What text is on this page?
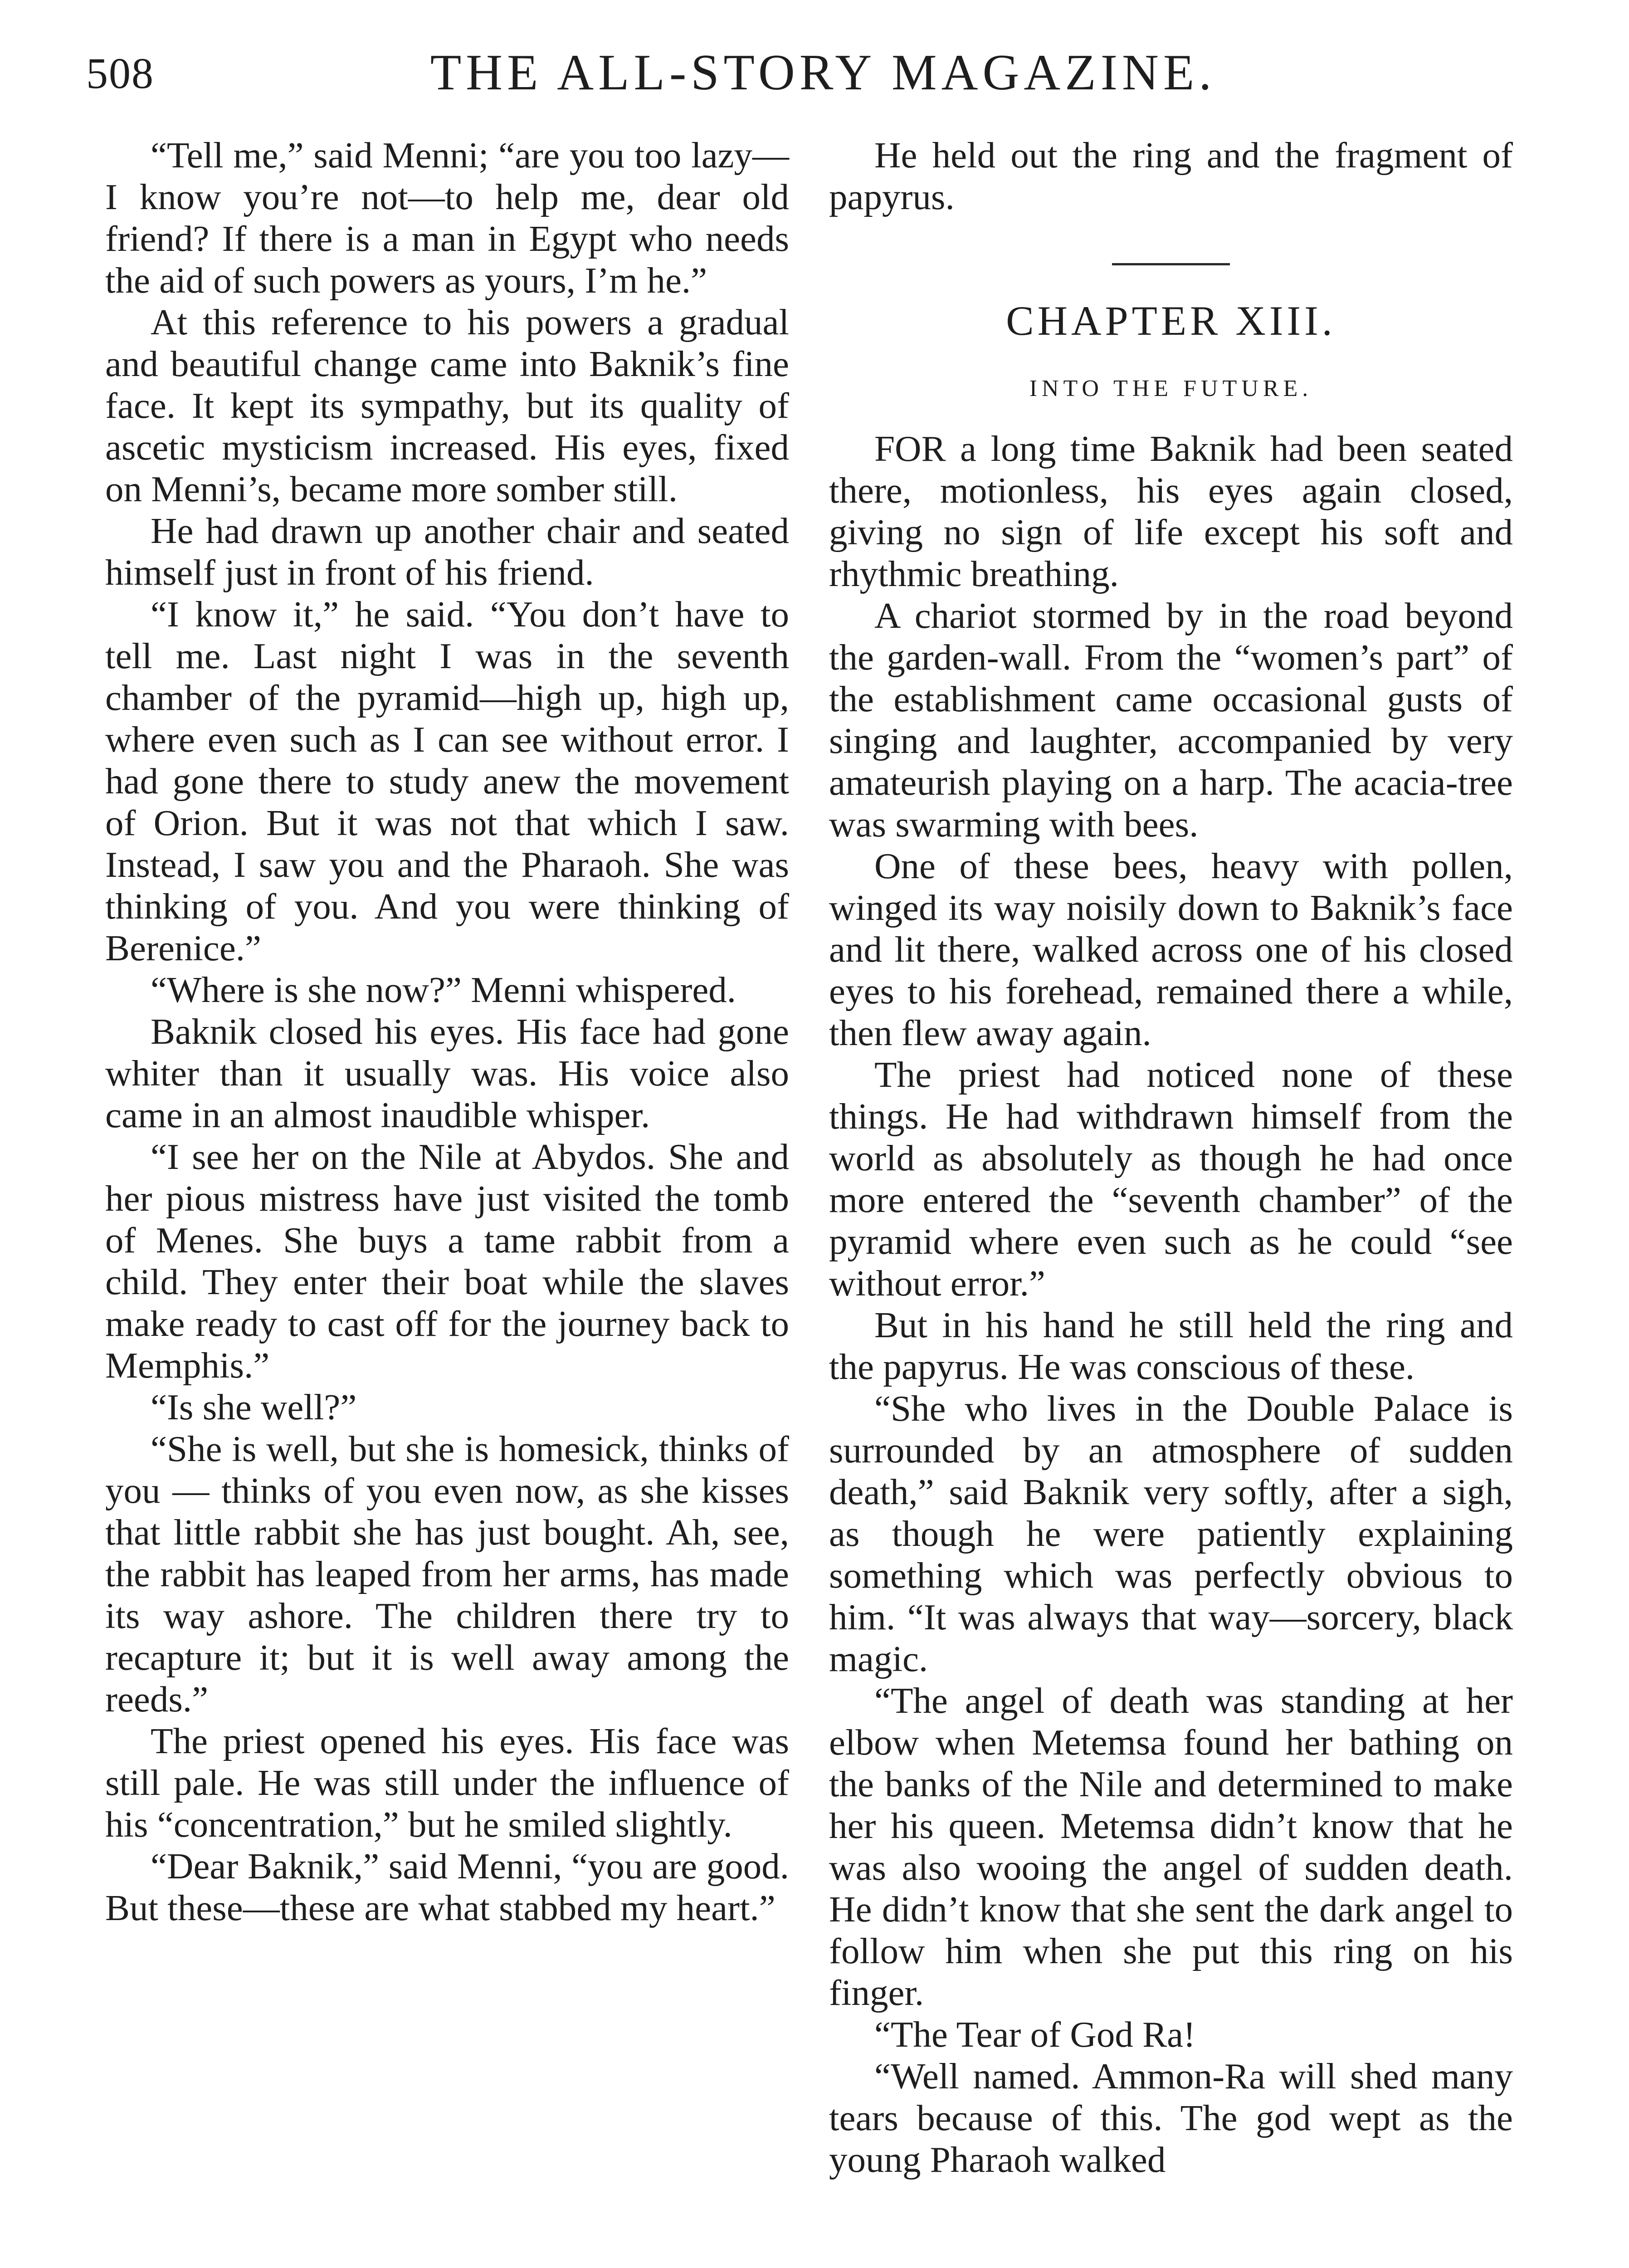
508	THE ALL-STORY MAGAZINE.

“Tell me,” said Menni; “are you too lazy—I know you’re not—to help me, dear old friend? If there is a man in Egypt who needs the aid of such powers as yours, I’m he.”

At this reference to his powers a gradual and beautiful change came into Baknik’s fine face. It kept its sympathy, but its quality of ascetic mysticism increased. His eyes, fixed on Menni’s, became more somber still.

He had drawn up another chair and seated himself just in front of his friend.

“I know it,” he said. “You don’t have to tell me. Last night I was in the seventh chamber of the pyramid—high up, high up, where even such as I can see without error. I had gone there to study anew the movement of Orion. But it was not that which I saw. Instead, I saw you and the Pharaoh. She was thinking of you. And you were thinking of Berenice.”

“Where is she now?” Menni whispered.

Baknik closed his eyes. His face had gone whiter than it usually was. His voice also came in an almost inaudible whisper.

“I see her on the Nile at Abydos. She and her pious mistress have just visited the tomb of Menes. She buys a tame rabbit from a child. They enter their boat while the slaves make ready to cast off for the journey back to Memphis.”

“Is she well?”

“She is well, but she is homesick, thinks of you — thinks of you even now, as she kisses that little rabbit she has just bought. Ah, see, the rabbit has leaped from her arms, has made its way ashore. The children there try to recapture it; but it is well away among the reeds.”

The priest opened his eyes. His face was still pale. He was still under the influence of his “concentration,” but he smiled slightly.

“Dear Baknik,” said Menni, “you are good. But these—these are what stabbed my heart.”

He held out the ring and the fragment of papyrus.

CHAPTER XIII.
INTO THE FUTURE.

FOR a long time Baknik had been seated there, motionless, his eyes again closed, giving no sign of life except his soft and rhythmic breathing.

A chariot stormed by in the road beyond the garden-wall. From the “women’s part” of the establishment came occasional gusts of singing and laughter, accompanied by very amateurish playing on a harp. The acacia-tree was swarming with bees.

One of these bees, heavy with pollen, winged its way noisily down to Baknik’s face and lit there, walked across one of his closed eyes to his forehead, remained there a while, then flew away again.

The priest had noticed none of these things. He had withdrawn himself from the world as absolutely as though he had once more entered the “seventh chamber” of the pyramid where even such as he could “see without error.”

But in his hand he still held the ring and the papyrus. He was conscious of these.

“She who lives in the Double Palace is surrounded by an atmosphere of sudden death,” said Baknik very softly, after a sigh, as though he were patiently explaining something which was perfectly obvious to him. “It was always that way—sorcery, black magic.

“The angel of death was standing at her elbow when Metemsa found her bathing on the banks of the Nile and determined to make her his queen. Metemsa didn’t know that he was also wooing the angel of sudden death. He didn’t know that she sent the dark angel to follow him when she put this ring on his finger.

“The Tear of God Ra!

“Well named. Ammon-Ra will shed many tears because of this. The god wept as the young Pharaoh walked
